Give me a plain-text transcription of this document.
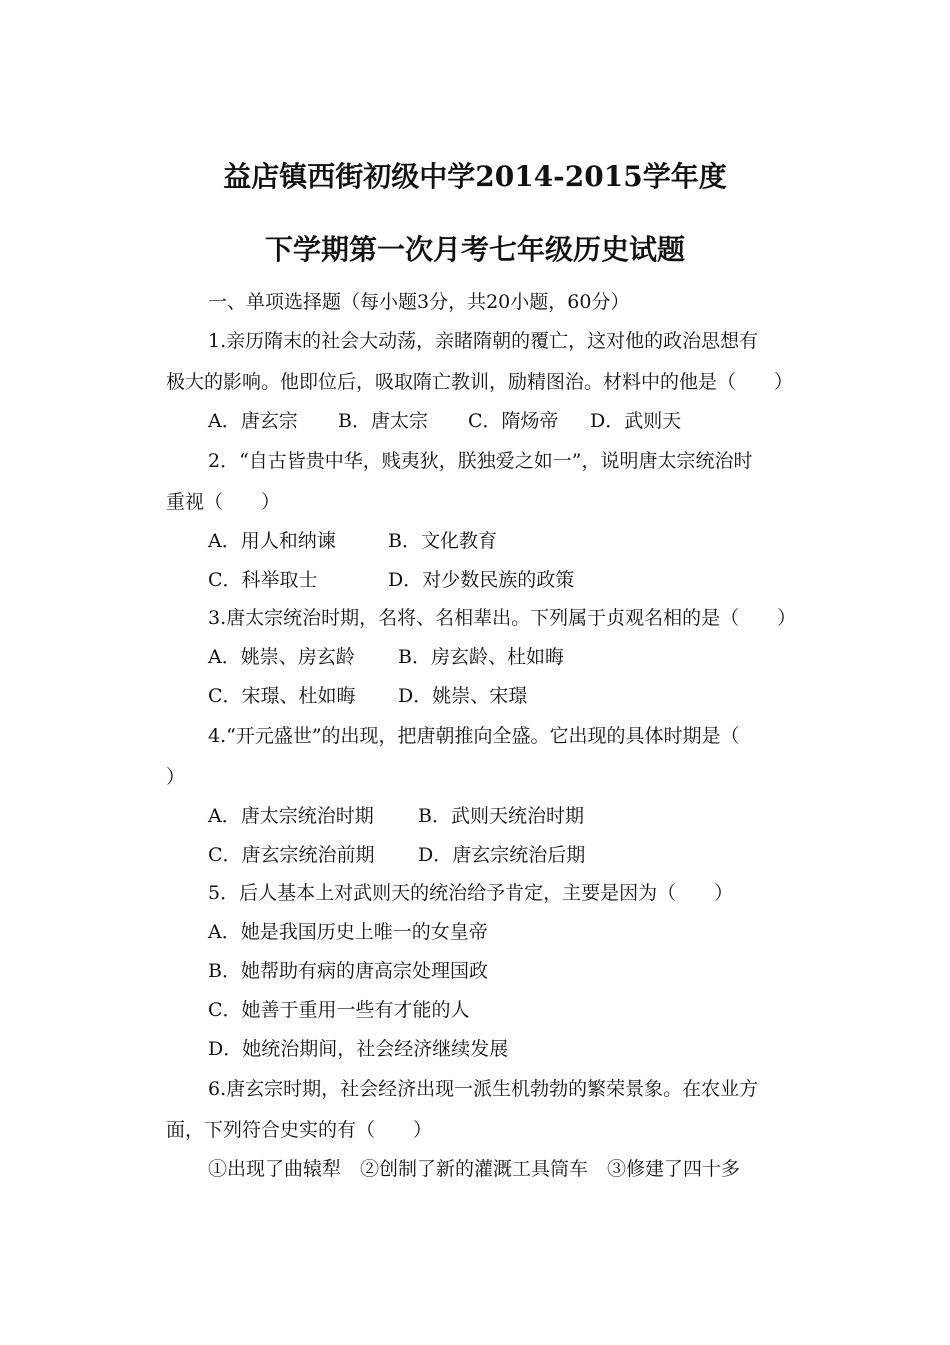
益店镇西街初级中学2014-2015学年度
下学期第一次月考七年级历史试题
一、单项选择题（每小题3分，共20小题，60分）
1.亲历隋末的社会大动荡，亲睹隋朝的覆亡，这对他的政治思想有
极大的影响。他即位后，吸取隋亡教训，励精图治。材料中的他是（　　）
A．唐玄宗 B．唐太宗 C．隋炀帝 D．武则天
2．“自古皆贵中华，贱夷狄，朕独爱之如一”，说明唐太宗统治时
重视（　　）
A．用人和纳谏	B．文化教育
C．科举取士	D．对少数民族的政策
3.唐太宗统治时期，名将、名相辈出。下列属于贞观名相的是（　　）
A．姚崇、房玄龄 B．房玄龄、杜如晦
C．宋璟、杜如晦 D．姚崇、宋璟
4.“开元盛世”的出现，把唐朝推向全盛。它出现的具体时期是（
）
A．唐太宗统治时期 B．武则天统治时期
C．唐玄宗统治前期 D．唐玄宗统治后期
5．后人基本上对武则天的统治给予肯定，主要是因为（　　）
A．她是我国历史上唯一的女皇帝
B．她帮助有病的唐高宗处理国政
C．她善于重用一些有才能的人
D．她统治期间，社会经济继续发展
6.唐玄宗时期，社会经济出现一派生机勃勃的繁荣景象。在农业方
面，下列符合史实的有（　　）
①出现了曲辕犁　②创制了新的灌溉工具筒车　③修建了四十多
